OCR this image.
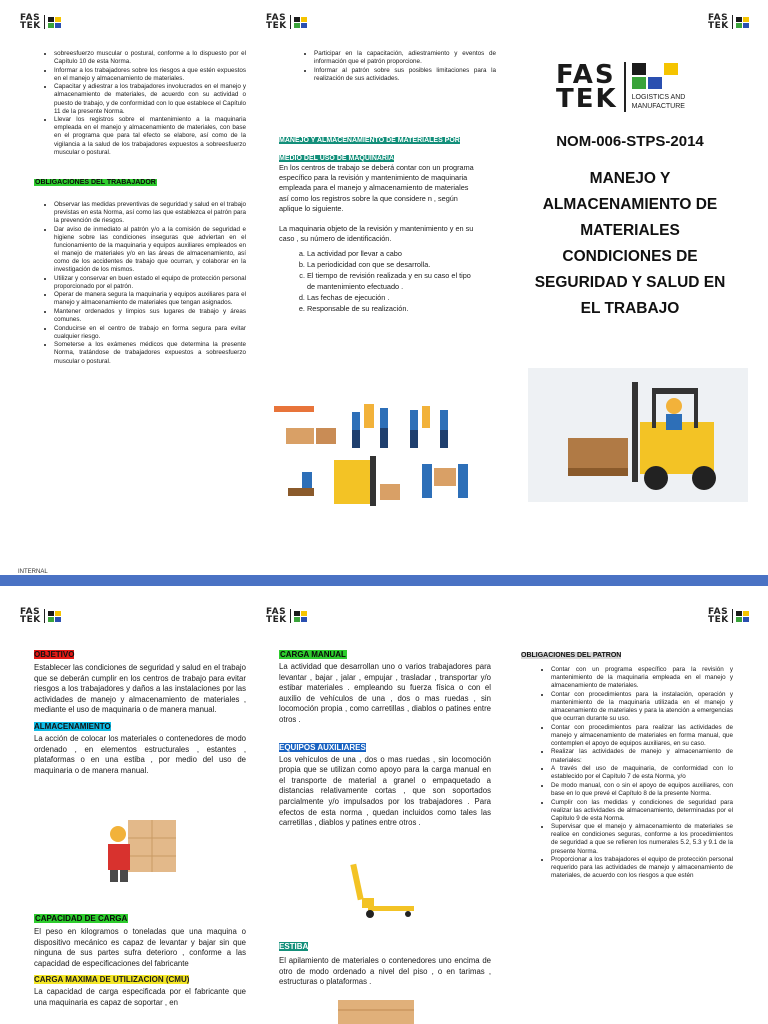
FAS
TEK
FAS
TEK
FAS
TEK
FAS
TEK
FAS
TEK
FAS
TEK
• sobreesfuerzo muscular o postural, conforme a lo dispuesto por el Capítulo 10 de esta Norma.
• Informar a los trabajadores sobre los riesgos a que estén expuestos en el manejo y almacenamiento de materiales.
• Capacitar y adiestrar a los trabajadores involucrados en el manejo y almacenamiento de materiales, de acuerdo con su actividad o puesto de trabajo, y de conformidad con lo que establece el Capítulo 11 de la presente Norma.
• Llevar los registros sobre el mantenimiento a la maquinaria empleada en el manejo y almacenamiento de materiales, con base en el programa que para tal efecto se elabore, así como de la vigilancia a la salud de los trabajadores expuestos a sobreesfuerzo muscular o postural.
OBLIGACIONES DEL TRABAJADOR
• Observar las medidas preventivas de seguridad y salud en el trabajo previstas en esta Norma, así como las que establezca el patrón para la prevención de riesgos.
• Dar aviso de inmediato al patrón y/o a la comisión de seguridad e higiene sobre las condiciones inseguras que adviertan en el funcionamiento de la maquinaria y equipos auxiliares empleados en el manejo de materiales y/o en las áreas de almacenamiento, así como de los accidentes de trabajo que ocurran, y colaborar en la investigación de los mismos.
• Utilizar y conservar en buen estado el equipo de protección personal proporcionado por el patrón.
• Operar de manera segura la maquinaria y equipos auxiliares para el manejo y almacenamiento de materiales que tengan asignados.
• Mantener ordenados y limpios sus lugares de trabajo y áreas comunes.
• Conducirse en el centro de trabajo en forma segura para evitar cualquier riesgo.
• Someterse a los exámenes médicos que determina la presente Norma, tratándose de trabajadores expuestos a sobreesfuerzo muscular o postural.
• Participar en la capacitación, adiestramiento y eventos de información que el patrón proporcione.
• Informar al patrón sobre sus posibles limitaciones para la realización de sus actividades.
MANEJO Y ALMACENAMIENTO DE MATERIALES POR MEDIO DEL USO DE MAQUINARIA

En los centros de trabajo se deberá contar con un programa específico para la revisión y mantenimiento de maquinaria empleada para el manejo y almacenamiento de materiales así como los registros sobre la que considere n , según aplique lo siguiente.

La maquinaria objeto de la revisión y mantenimiento y en su caso , su número de identificación.

a. La actividad por llevar a cabo
b. La periodicidad con que se desarrolla.
c. El tiempo de revisión realizada y en su caso el tipo de mantenimiento efectuado .
d. Las fechas de ejecución .
e. Responsable de su realización.
FAS
TEK LOGISTICS AND
MANUFACTURE
NOM-006-STPS-2014
MANEJO Y
ALMACENAMIENTO DE
MATERIALES
CONDICIONES DE
SEGURIDAD Y SALUD EN
EL TRABAJO
INTERNAL
OBJETIVO

Establecer las condiciones de seguridad y salud en el trabajo que se deberán cumplir en los centros de trabajo para evitar riesgos a los trabajadores y daños a las instalaciones por las actividades de manejo y almacenamiento de materiales , mediante el uso de maquinaria o de manera manual.

ALMACENAMIENTO

La acción de colocar los materiales o contenedores de modo ordenado , en elementos estructurales , estantes , plataformas o en una estiba , por medio del uso de maquinaria o de manera manual.

CAPACIDAD DE CARGA

El peso en kilogramos o toneladas que una maquina o dispositivo mecánico es capaz de levantar y bajar sin que ninguna de sus partes sufra deterioro , conforme a las capacidad de especificaciones del fabricante

CARGA MAXIMA DE UTILIZACION (CMU)

La capacidad de carga especificada por el fabricante que una maquinaria es capaz de soportar , en

CARGA MANUAL

La actividad que desarrollan uno o varios trabajadores para levantar , bajar , jalar , empujar , trasladar , transportar y/o estibar materiales . empleando su fuerza física o con el auxilio de vehículos de una , dos o mas ruedas , sin locomoción propia , como carretillas , diablos o patines entre otros .

EQUIPOS AUXILIARES

Los vehículos de una , dos o mas ruedas , sin locomoción propia que se utilizan como apoyo para la carga manual en el transporte de material a granel o empaquetado a distancias relativamente cortas , que son soportados parcialmente y/o impulsados por los trabajadores . Para efectos de esta norma , quedan incluidos como tales las carretillas , diablos y patines entre otros .

ESTIBA

El apilamiento de materiales o contenedores uno encima de otro de modo ordenado a nivel del piso , o en tarimas , estructuras o plataformas .

OBLIGACIONES DEL PATRON
• Contar con un programa específico para la revisión y mantenimiento de la maquinaria empleada en el manejo y almacenamiento de materiales.
• Contar con procedimientos para la instalación, operación y mantenimiento de la maquinaria utilizada en el manejo y almacenamiento de materiales y para la atención a emergencias que ocurran durante su uso.
• Contar con procedimientos para realizar las actividades de manejo y almacenamiento de materiales en forma manual, que contemplen el apoyo de equipos auxiliares, en su caso.
• Realizar las actividades de manejo y almacenamiento de materiales:
• A través del uso de maquinaria, de conformidad con lo establecido por el Capítulo 7 de esta Norma, y/o
• De modo manual, con o sin el apoyo de equipos auxiliares, con base en lo que prevé el Capítulo 8 de la presente Norma.
• Cumplir con las medidas y condiciones de seguridad para realizar las actividades de almacenamiento, determinadas por el Capítulo 9 de esta Norma.
• Supervisar que el manejo y almacenamiento de materiales se realice en condiciones seguras, conforme a los procedimientos de seguridad a que se refieren los numerales 5.2, 5.3 y 9.1 de la presente Norma.
• Proporcionar a los trabajadores el equipo de protección personal requerido para las actividades de manejo y almacenamiento de materiales, de acuerdo con los riesgos a que estén
